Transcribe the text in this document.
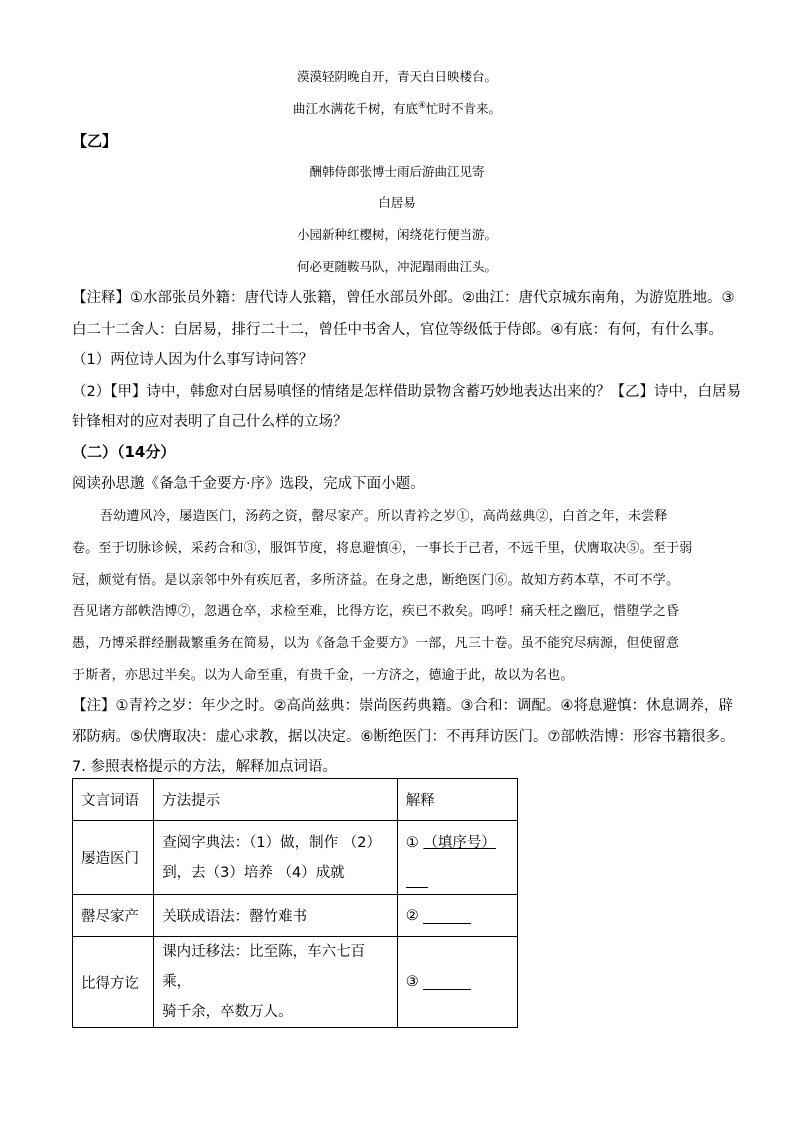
漠漠轻阴晚自开，青天白日映楼台。
曲江水满花千树，有底④忙时不肯来。
【乙】
酬韩侍郎张博士雨后游曲江见寄
白居易
小园新种红樱树，闲绕花行便当游。
何必更随鞍马队，冲泥蹋雨曲江头。
【注释】①水部张员外籍：唐代诗人张籍，曾任水部员外郎。②曲江：唐代京城东南角，为游览胜地。③
白二十二舍人：白居易，排行二十二，曾任中书舍人，官位等级低于侍郎。④有底：有何，有什么事。
（1）两位诗人因为什么事写诗问答？
（2）【甲】诗中，韩愈对白居易嗔怪的情绪是怎样借助景物含蓄巧妙地表达出来的？【乙】诗中，白居易
针锋相对的应对表明了自己什么样的立场？
（二）（14分）
阅读孙思邈《备急千金要方·序》选段，完成下面小题。
吾幼遭风冷，屡造医门，汤药之资，罄尽家产。所以青衿之岁①，高尚兹典②，白首之年，未尝释
卷。至于切脉诊候，采药合和③，服饵节度，将息避慎④，一事长于己者，不远千里，伏膺取决⑤。至于弱
冠，颇觉有悟。是以亲邻中外有疾厄者，多所济益。在身之患，断绝医门⑥。故知方药本草，不可不学。
吾见诸方部帙浩博⑦，忽遇仓卒，求检至难，比得方讫，疾已不救矣。呜呼！痛夭枉之幽厄，惜堕学之昏
愚，乃博采群经删裁繁重务在简易，以为《备急千金要方》一部，凡三十卷。虽不能究尽病源，但使留意
于斯者，亦思过半矣。以为人命至重，有贵千金，一方济之，德逾于此，故以为名也。
【注】①青衿之岁：年少之时。②高尚兹典：崇尚医药典籍。③合和：调配。④将息避慎：休息调养，辟
邪防病。⑤伏膺取决：虚心求教，据以决定。⑥断绝医门：不再拜访医门。⑦部帙浩博：形容书籍很多。
7. 参照表格提示的方法，解释加点词语。
文言词语	方法提示	解释
屡造医门	查阅字典法：（1）做，制作 （2）
到，去（3）培养 （4）成就	① （填序号）

罄尽家产	关联成语法：罄竹难书	②
比得方讫	课内迁移法：比至陈，车六七百乘，
骑千余，卒数万人。	③
